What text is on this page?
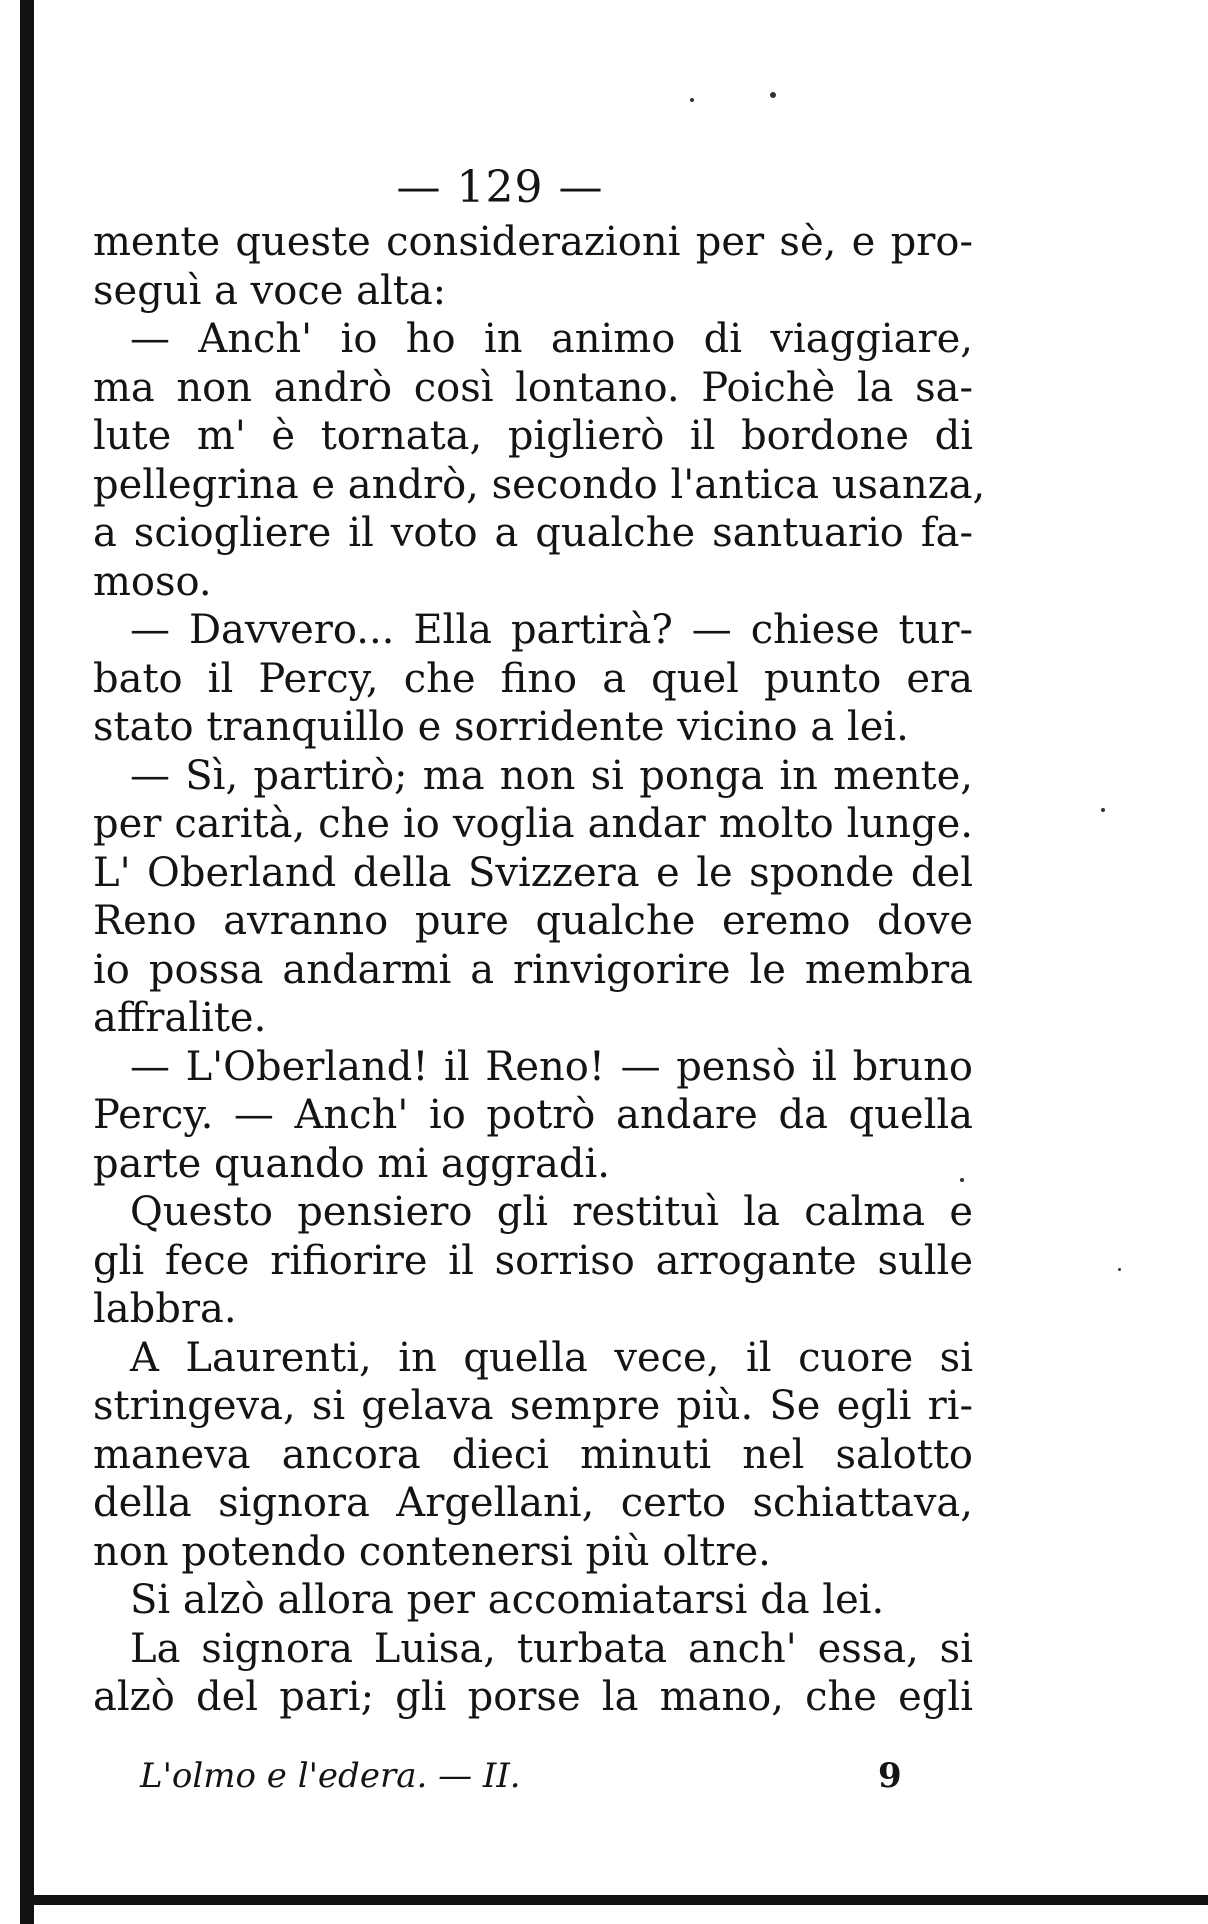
— 129 —
mente queste considerazioni per sè, e pro-
seguì a voce alta:
— Anch' io ho in animo di viaggiare,
ma non andrò così lontano. Poichè la sa-
lute m' è tornata, piglierò il bordone di
pellegrina e andrò, secondo l'antica usanza,
a sciogliere il voto a qualche santuario fa-
moso.
— Davvero... Ella partirà? — chiese tur-
bato il Percy, che fino a quel punto era
stato tranquillo e sorridente vicino a lei.
— Sì, partirò; ma non si ponga in mente,
per carità, che io voglia andar molto lunge.
L' Oberland della Svizzera e le sponde del
Reno avranno pure qualche eremo dove
io possa andarmi a rinvigorire le membra
affralite.
— L'Oberland! il Reno! — pensò il bruno
Percy. — Anch' io potrò andare da quella
parte quando mi aggradi.
Questo pensiero gli restituì la calma e
gli fece rifiorire il sorriso arrogante sulle
labbra.
A Laurenti, in quella vece, il cuore si
stringeva, si gelava sempre più. Se egli ri-
maneva ancora dieci minuti nel salotto
della signora Argellani, certo schiattava,
non potendo contenersi più oltre.
Si alzò allora per accomiatarsi da lei.
La signora Luisa, turbata anch' essa, si
alzò del pari; gli porse la mano, che egli
L'olmo e l'edera. — II.	9
